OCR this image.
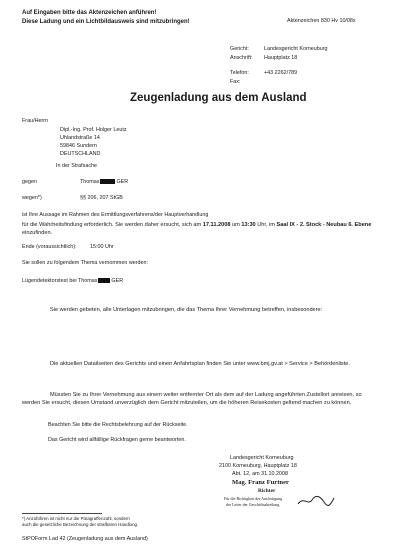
Auf Eingaben bitte das Aktenzeichen anführen!
Diese Ladung und ein Lichtbildausweis sind mitzubringen!	Aktenzeichen 830 Hv 10/08x
Gericht:	Landesgericht Korneuburg
Anschrift: Hauptplatz 18
Telefon:	+43 2262/789
Fax:
Zeugenladung aus dem Ausland
Frau/Herrn
Dipl.-Ing. Prof. Holger Leutz
Uhlandstraße 14
59846 Sundern
DEUTSCHLAND
In der Strafsache
gegen	Thomas	GER
wegen*)	§§ 206, 207 StGB
ist Ihre Aussage im Rahmen des Ermittlungsverfahrens/der Hauptverhandlung
für die Wahrheitsfindung erforderlich. Sie werden daher ersucht, sich am 17.11.2008 um 13:30 Uhr, im Saal IX - 2. Stock - Neubau 6. Ebene einzufinden.
Ende (voraussichtlich): 15:00 Uhr
Sie sollen zu folgendem Thema vernommen werden:
Lügendetektorstest bei Thomas	GER
Sie werden gebeten, alle Unterlagen mitzubringen, die das Thema Ihrer Vernehmung betreffen, insbesondere:
Die aktuellen Datailseiten des Gerichts und einen Anfahrtsplan finden Sie unter www.bmj.gv.at > Service > Behördenliste.
Müssten Sie zu Ihrer Vernehmung aus einem weiter entfernter Ort als dem auf der Ladung angeführten Zustellort anreisen, so werden Sie ersucht, diesen Umstand unverzüglich dem Gericht mitzuteilen, um die höheren Reisekosten geltend machen zu können.
Beachten Sie bitte die Rechtsbelehrung auf der Rückseite.
Das Gericht wird allfällige Rückfragen gerne beantworten.
Landesgericht Korneuburg
2100 Korneuburg, Hauptplatz 18
Abt. 12, am 31.10.2008
Mag. Franz Furtner
Richter
Für die Richtigkeit der Ausfertigung
der Leiter der Geschäftsabteilung
*) Anzuführen ist nicht nur die Paragraffenzahl, sondern
auch die gesetzliche Bezeichnung der strafbaren Handlung.
StPOForm Lad 42 (Zeugenladung aus dem Ausland)
